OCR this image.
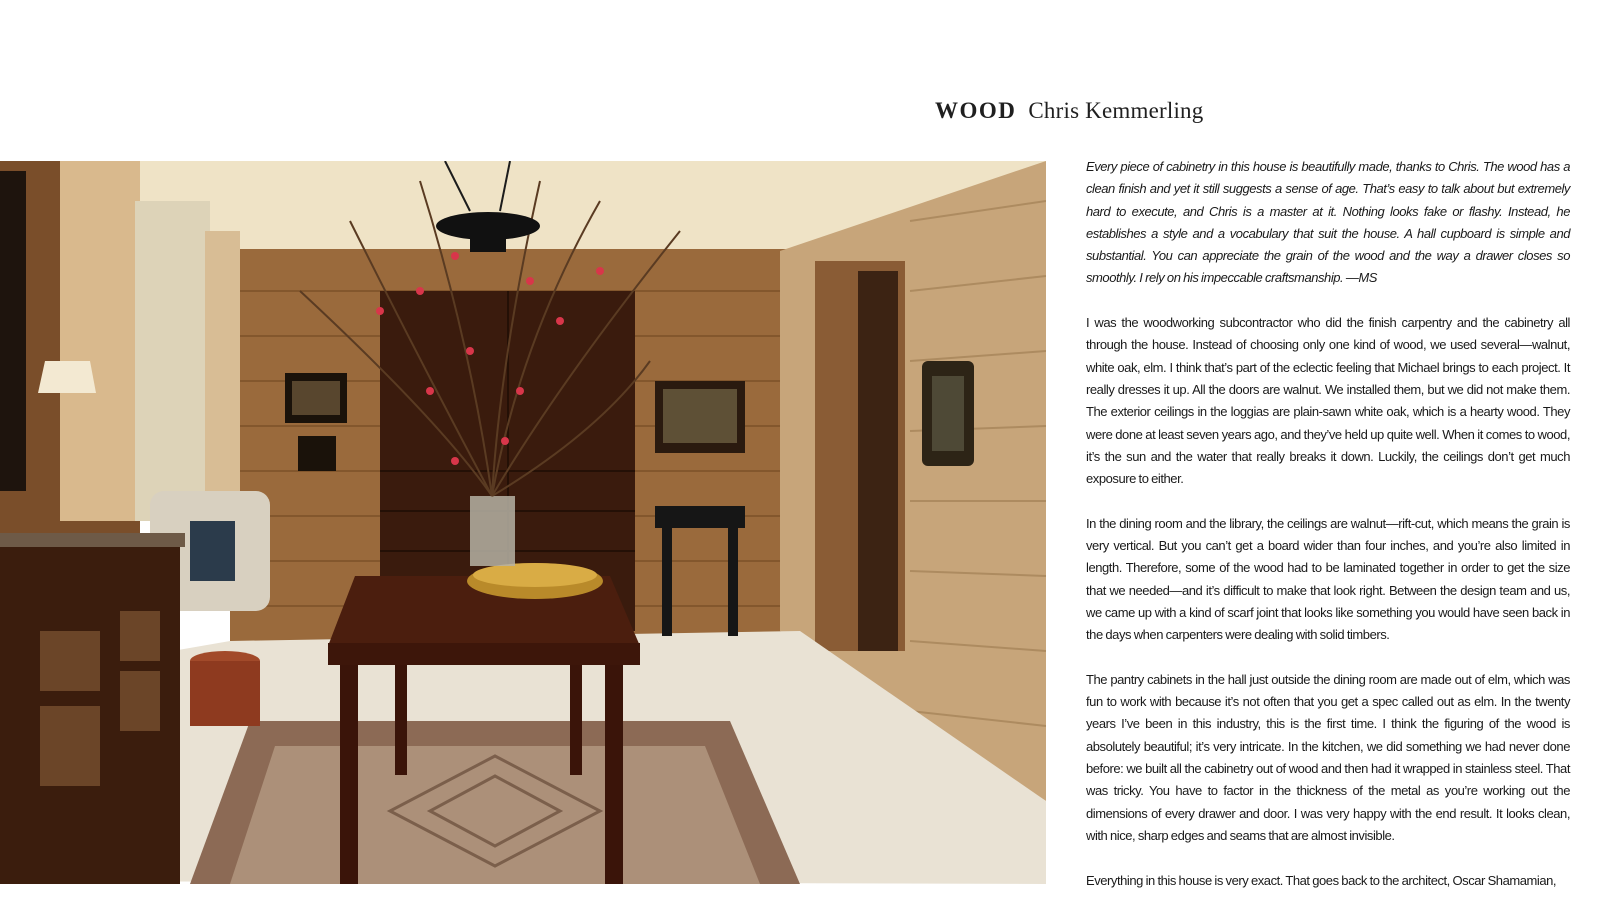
WOOD Chris Kemmerling

Every piece of cabinetry in this house is beautifully made, thanks to Chris. The wood has a clean finish and yet it still suggests a sense of age. That’s easy to talk about but extremely hard to execute, and Chris is a master at it. Nothing looks fake or flashy. Instead, he establishes a style and a vocabulary that suit the house. A hall cupboard is simple and substantial. You can appreciate the grain of the wood and the way a drawer closes so smoothly. I rely on his impeccable craftsmanship. —MS

I was the woodworking subcontractor who did the finish carpentry and the cabinetry all through the house. Instead of choosing only one kind of wood, we used several—walnut, white oak, elm. I think that’s part of the eclectic feeling that Michael brings to each project. It really dresses it up. All the doors are walnut. We installed them, but we did not make them. The exterior ceilings in the loggias are plain-sawn white oak, which is a hearty wood. They were done at least seven years ago, and they’ve held up quite well. When it comes to wood, it’s the sun and the water that really breaks it down. Luckily, the ceilings don’t get much exposure to either.

In the dining room and the library, the ceilings are walnut—rift-cut, which means the grain is very vertical. But you can’t get a board wider than four inches, and you’re also limited in length. Therefore, some of the wood had to be laminated together in order to get the size that we needed—and it’s difficult to make that look right. Between the design team and us, we came up with a kind of scarf joint that looks like something you would have seen back in the days when carpenters were dealing with solid timbers.

The pantry cabinets in the hall just outside the dining room are made out of elm, which was fun to work with because it’s not often that you get a spec called out as elm. In the twenty years I’ve been in this industry, this is the first time. I think the figuring of the wood is absolutely beautiful; it’s very intricate. In the kitchen, we did something we had never done before: we built all the cabinetry out of wood and then had it wrapped in stainless steel. That was tricky. You have to factor in the thickness of the metal as you’re working out the dimensions of every drawer and door. I was very happy with the end result. It looks clean, with nice, sharp edges and seams that are almost invisible.

Everything in this house is very exact. That goes back to the architect, Oscar Shamamian,
